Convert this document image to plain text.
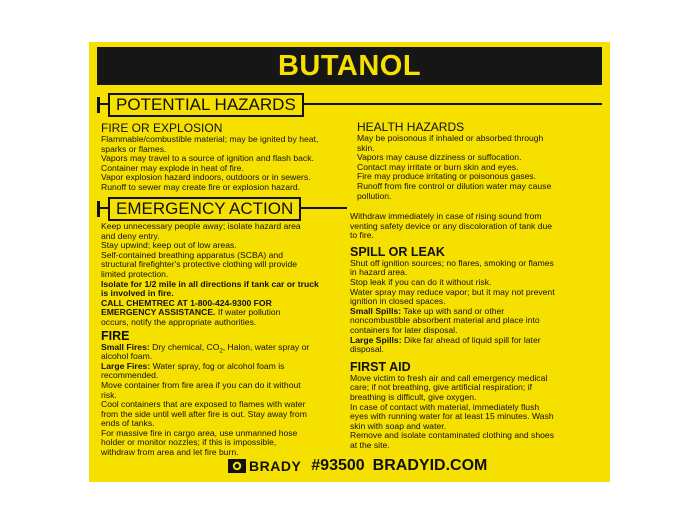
BUTANOL
POTENTIAL HAZARDS
FIRE OR EXPLOSION

Flammable/combustible material; may be ignited by heat,

sparks or flames.

Vapors may travel to a source of ignition and flash back.

Container may explode in heat of fire.

Vapor explosion hazard indoors, outdoors or in sewers.

Runoff to sewer may create fire or explosion hazard.

HEALTH HAZARDS

May be poisonous if inhaled or absorbed through

skin.

Vapors may cause dizziness or suffocation.

Contact may irritate or burn skin and eyes.

Fire may produce irritating or poisonous gases.

Runoff from fire control or dilution water may cause

pollution.

EMERGENCY ACTION

Keep unnecessary people away; isolate hazard area

and deny entry.

Stay upwind; keep out of low areas.

Self-contained breathing apparatus (SCBA) and

structural firefighter's protective clothing will provide

limited protection.

Isolate for 1/2 mile in all directions if tank car or truck

is involved in fire.

CALL CHEMTREC AT 1-800-424-9300 FOR

EMERGENCY ASSISTANCE. If water pollution

occurs, notify the appropriate authorities.

FIRE

Small Fires: Dry chemical, $CO_2$, Halon, water spray or

alcohol foam.

Large Fires: Water spray, fog or alcohol foam is

recommended.

Move container from fire area if you can do it without

risk.

Cool containers that are exposed to flames with water

from the side until well after fire is out. Stay away from

ends of tanks.

For massive fire in cargo area, use unmanned hose

holder or monitor nozzles; if this is impossible,

withdraw from area and let fire burn.

Withdraw immediately in case of rising sound from

venting safety device or any discoloration of tank due

to fire.

SPILL OR LEAK

Shut off ignition sources; no flares, smoking or flames

in hazard area.

Stop leak if you can do it without risk.

Water spray may reduce vapor; but it may not prevent

ignition in closed spaces.

Small Spills: Take up with sand or other

noncombustible absorbent material and place into

containers for later disposal.

Large Spills: Dike far ahead of liquid spill for later

disposal.

FIRST AID

Move victim to fresh air and call emergency medical

care; if not breathing, give artificial respiration; if

breathing is difficult, give oxygen.

In case of contact with material, immediately flush

eyes with running water for at least 15 minutes. Wash

skin with soap and water.

Remove and isolate contaminated clothing and shoes

at the site.

BRADY #93500 BRADYID.COM
